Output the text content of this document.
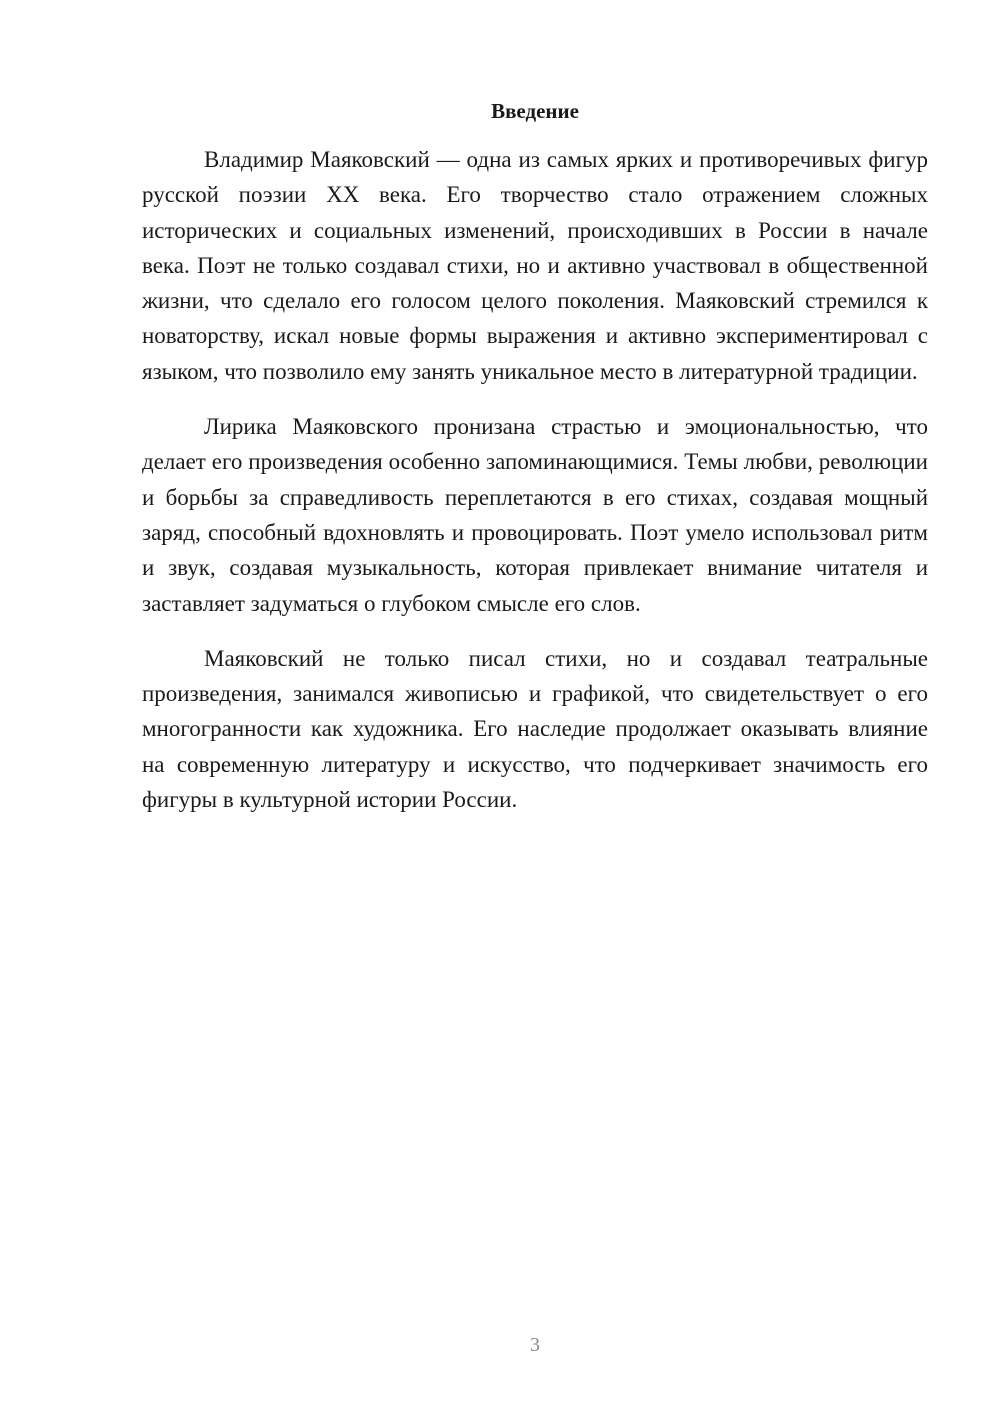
Введение

Владимир Маяковский — одна из самых ярких и противоречивых фигур русской поэзии XX века. Его творчество стало отражением сложных исторических и социальных изменений, происходивших в России в начале века. Поэт не только создавал стихи, но и активно участвовал в общественной жизни, что сделало его голосом целого поколения. Маяковский стремился к новаторству, искал новые формы выражения и активно экспериментировал с языком, что позволило ему занять уникальное место в литературной традиции.

Лирика Маяковского пронизана страстью и эмоциональностью, что делает его произведения особенно запоминающимися. Темы любви, революции и борьбы за справедливость переплетаются в его стихах, создавая мощный заряд, способный вдохновлять и провоцировать. Поэт умело использовал ритм и звук, создавая музыкальность, которая привлекает внимание читателя и заставляет задуматься о глубоком смысле его слов.

Маяковский не только писал стихи, но и создавал театральные произведения, занимался живописью и графикой, что свидетельствует о его многогранности как художника. Его наследие продолжает оказывать влияние на современную литературу и искусство, что подчеркивает значимость его фигуры в культурной истории России.

3
